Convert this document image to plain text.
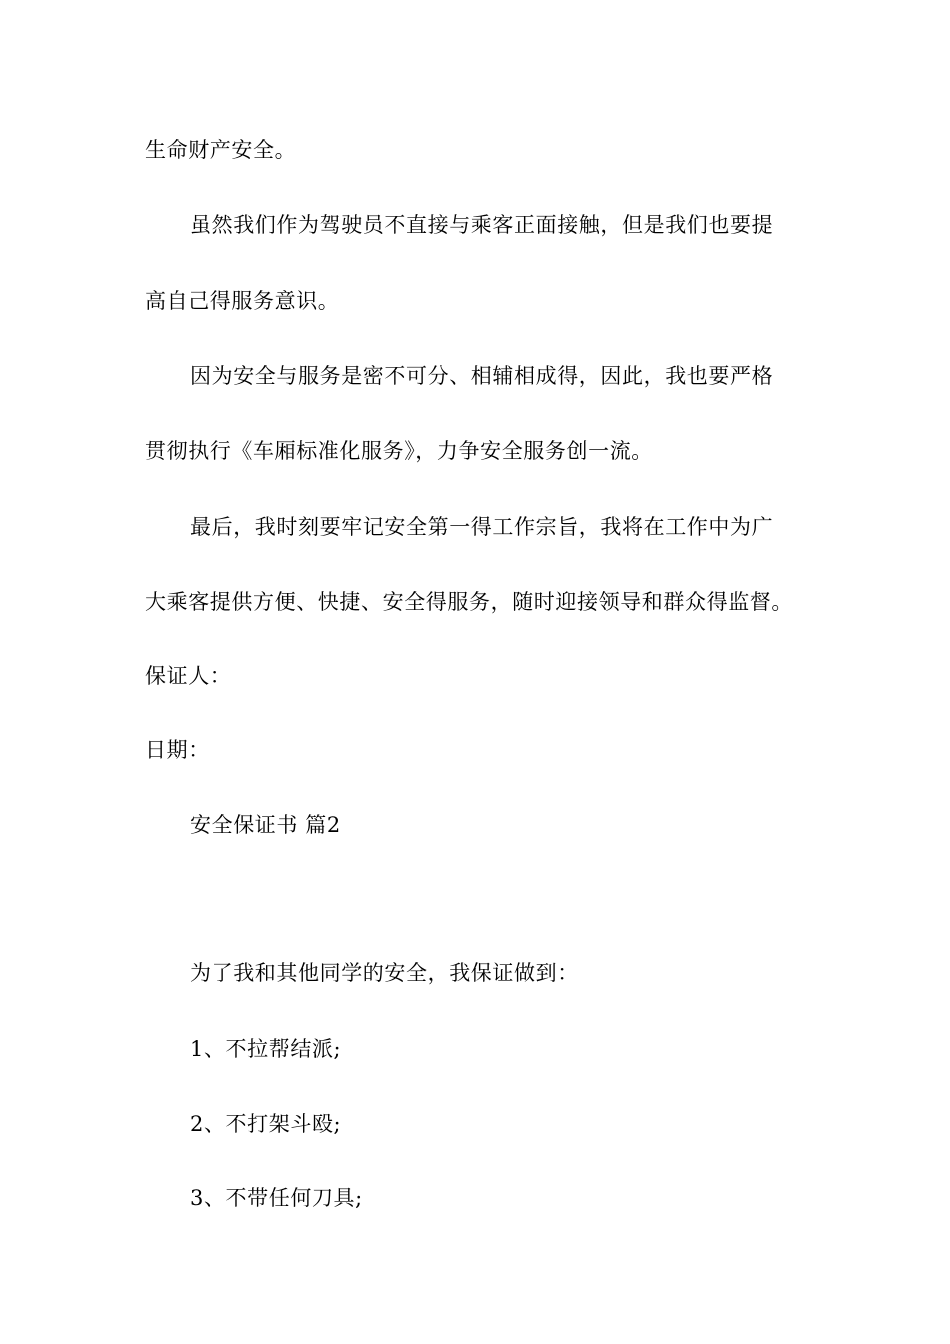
生命财产安全。

虽然我们作为驾驶员不直接与乘客正面接触，但是我们也要提

高自己得服务意识。

因为安全与服务是密不可分、相辅相成得，因此，我也要严格

贯彻执行《车厢标准化服务》，力争安全服务创一流。

最后，我时刻要牢记安全第一得工作宗旨，我将在工作中为广

大乘客提供方便、快捷、安全得服务，随时迎接领导和群众得监督。

保证人：

日期：

安全保证书 篇2

为了我和其他同学的安全，我保证做到：

1、不拉帮结派;

2、不打架斗殴;

3、不带任何刀具;
